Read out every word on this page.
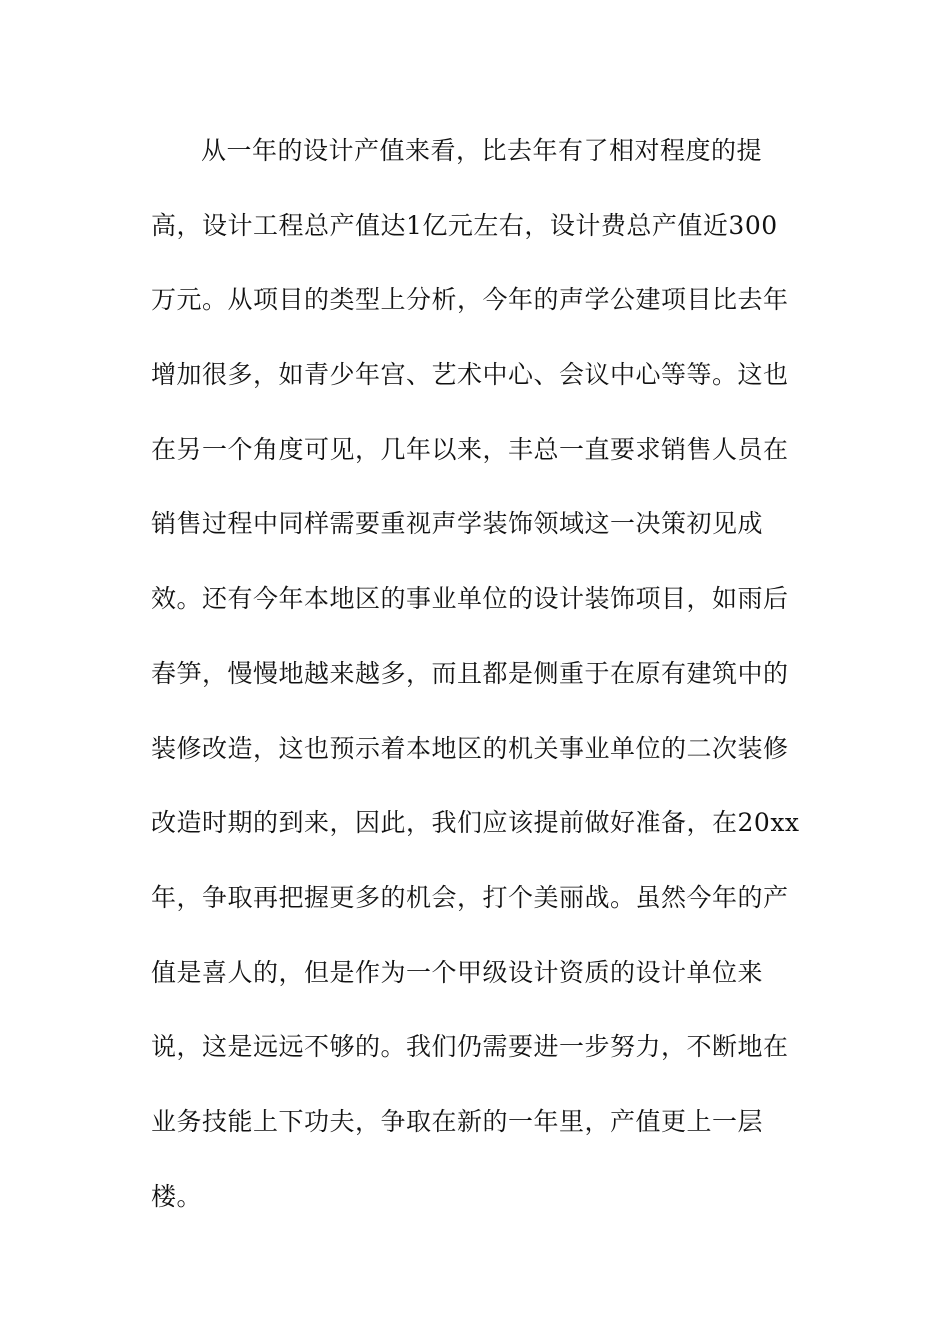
从一年的设计产值来看，比去年有了相对程度的提
高，设计工程总产值达1亿元左右，设计费总产值近300
万元。从项目的类型上分析，今年的声学公建项目比去年
增加很多，如青少年宫、艺术中心、会议中心等等。这也
在另一个角度可见，几年以来，丰总一直要求销售人员在
销售过程中同样需要重视声学装饰领域这一决策初见成
效。还有今年本地区的事业单位的设计装饰项目，如雨后
春笋，慢慢地越来越多，而且都是侧重于在原有建筑中的
装修改造，这也预示着本地区的机关事业单位的二次装修
改造时期的到来，因此，我们应该提前做好准备，在20xx
年，争取再把握更多的机会，打个美丽战。虽然今年的产
值是喜人的，但是作为一个甲级设计资质的设计单位来
说，这是远远不够的。我们仍需要进一步努力，不断地在
业务技能上下功夫，争取在新的一年里，产值更上一层
楼。
